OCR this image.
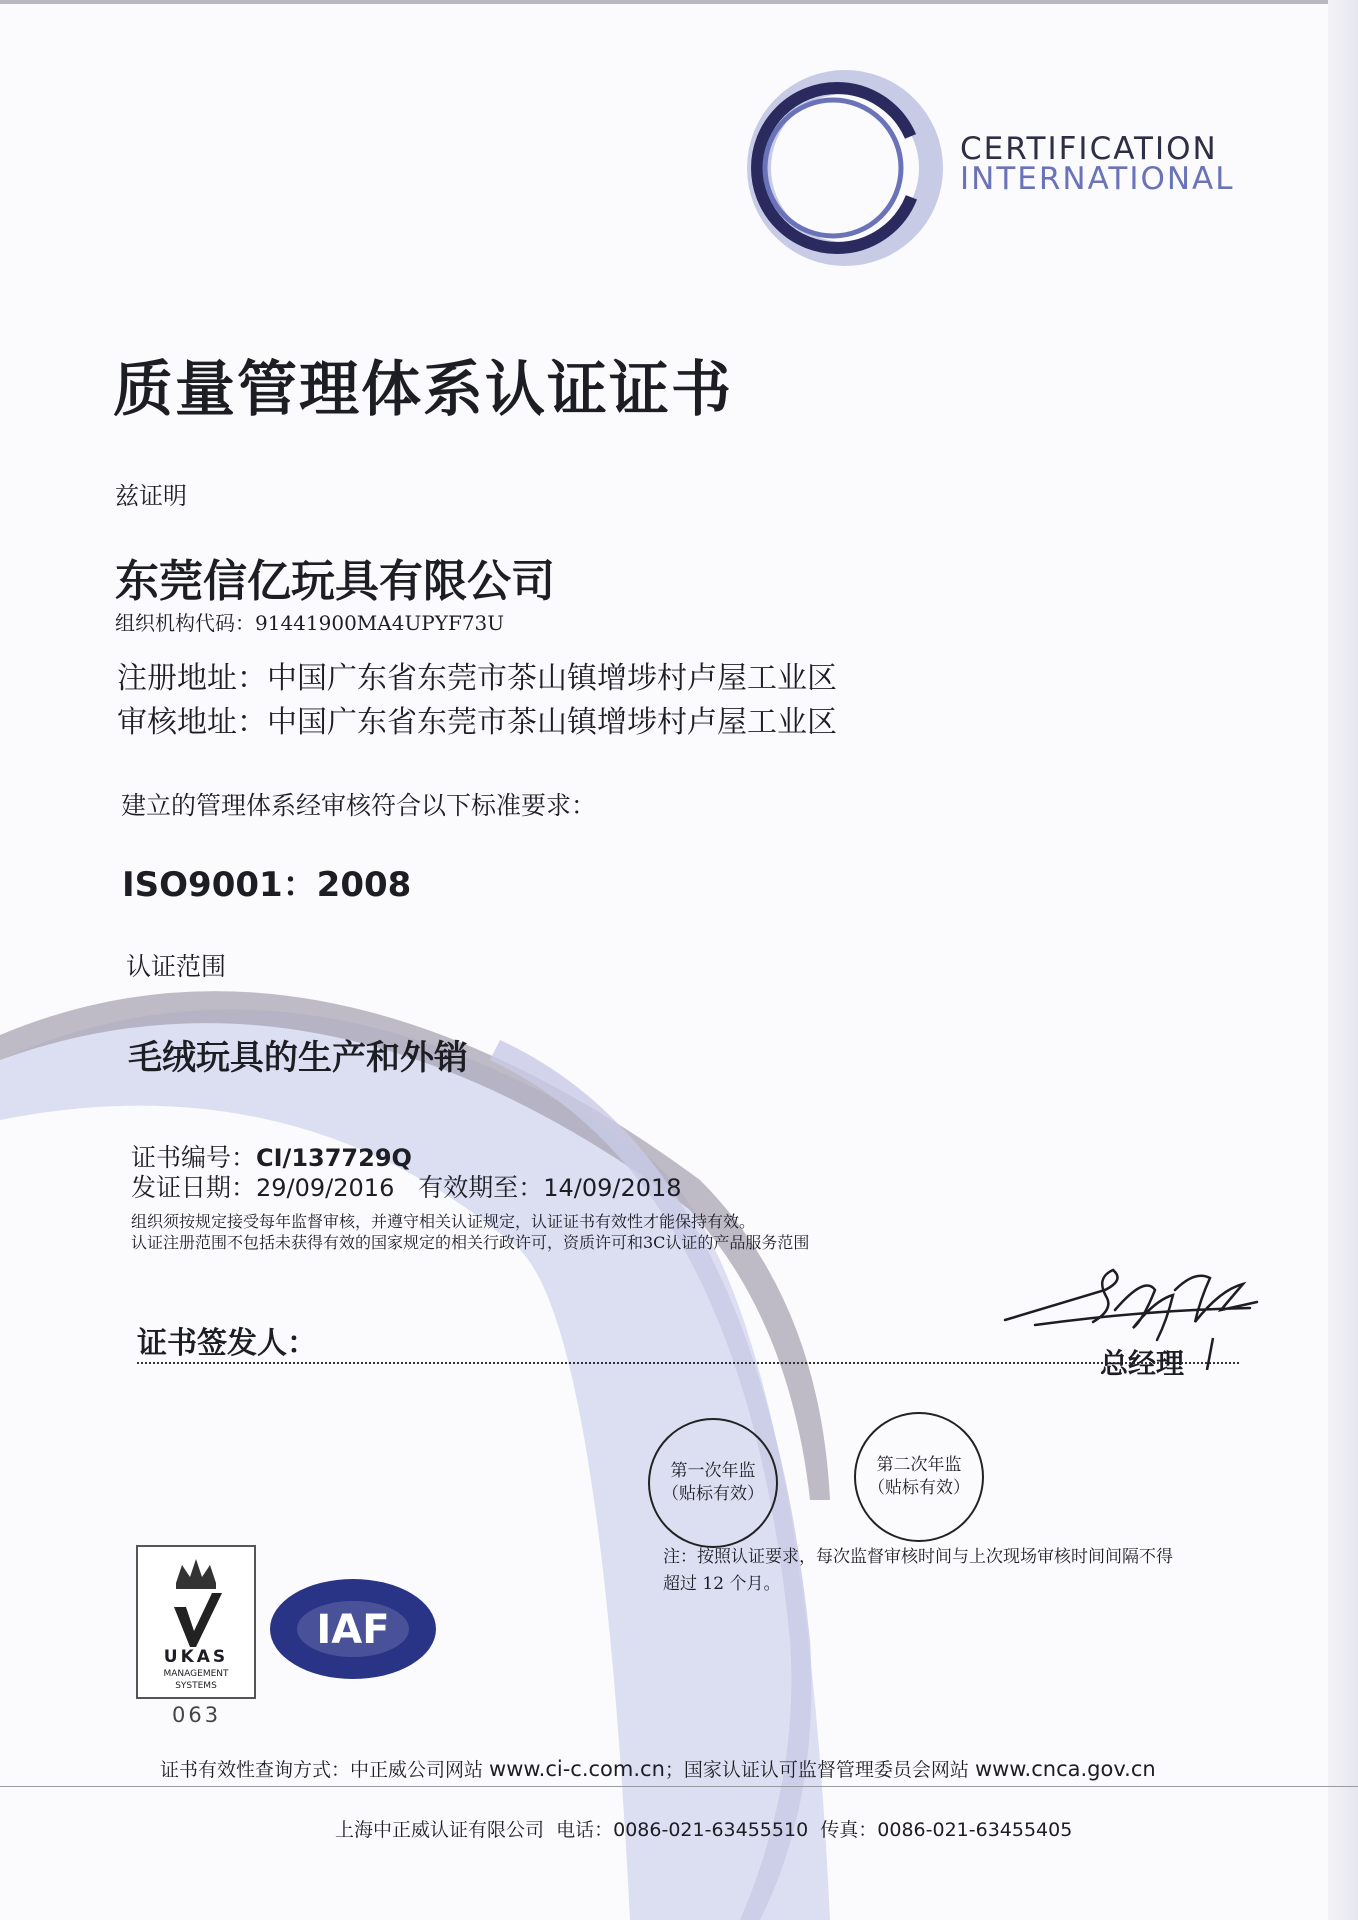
CERTIFICATION
INTERNATIONAL
质量管理体系认证证书
兹证明
东莞信亿玩具有限公司
组织机构代码：91441900MA4UPYF73U
注册地址：中国广东省东莞市茶山镇增埗村卢屋工业区
审核地址：中国广东省东莞市茶山镇增埗村卢屋工业区
建立的管理体系经审核符合以下标准要求：
ISO9001：2008
认证范围
毛绒玩具的生产和外销
证书编号：CI/137729Q
发证日期：29/09/2016 有效期至：14/09/2018
组织须按规定接受每年监督审核，并遵守相关认证规定，认证证书有效性才能保持有效。
认证注册范围不包括未获得有效的国家规定的相关行政许可，资质许可和3C认证的产品服务范围
证书签发人：
总经理
第一次年监
（贴标有效）
第二次年监
（贴标有效）
注：按照认证要求，每次监督审核时间与上次现场审核时间间隔不得
超过 12 个月。
UKAS
MANAGEMENT
SYSTEMS
063
IAF
证书有效性查询方式：中正威公司网站 www.ci-c.com.cn；国家认证认可监督管理委员会网站 www.cnca.gov.cn
上海中正威认证有限公司 电话：0086-021-63455510 传真：0086-021-63455405
